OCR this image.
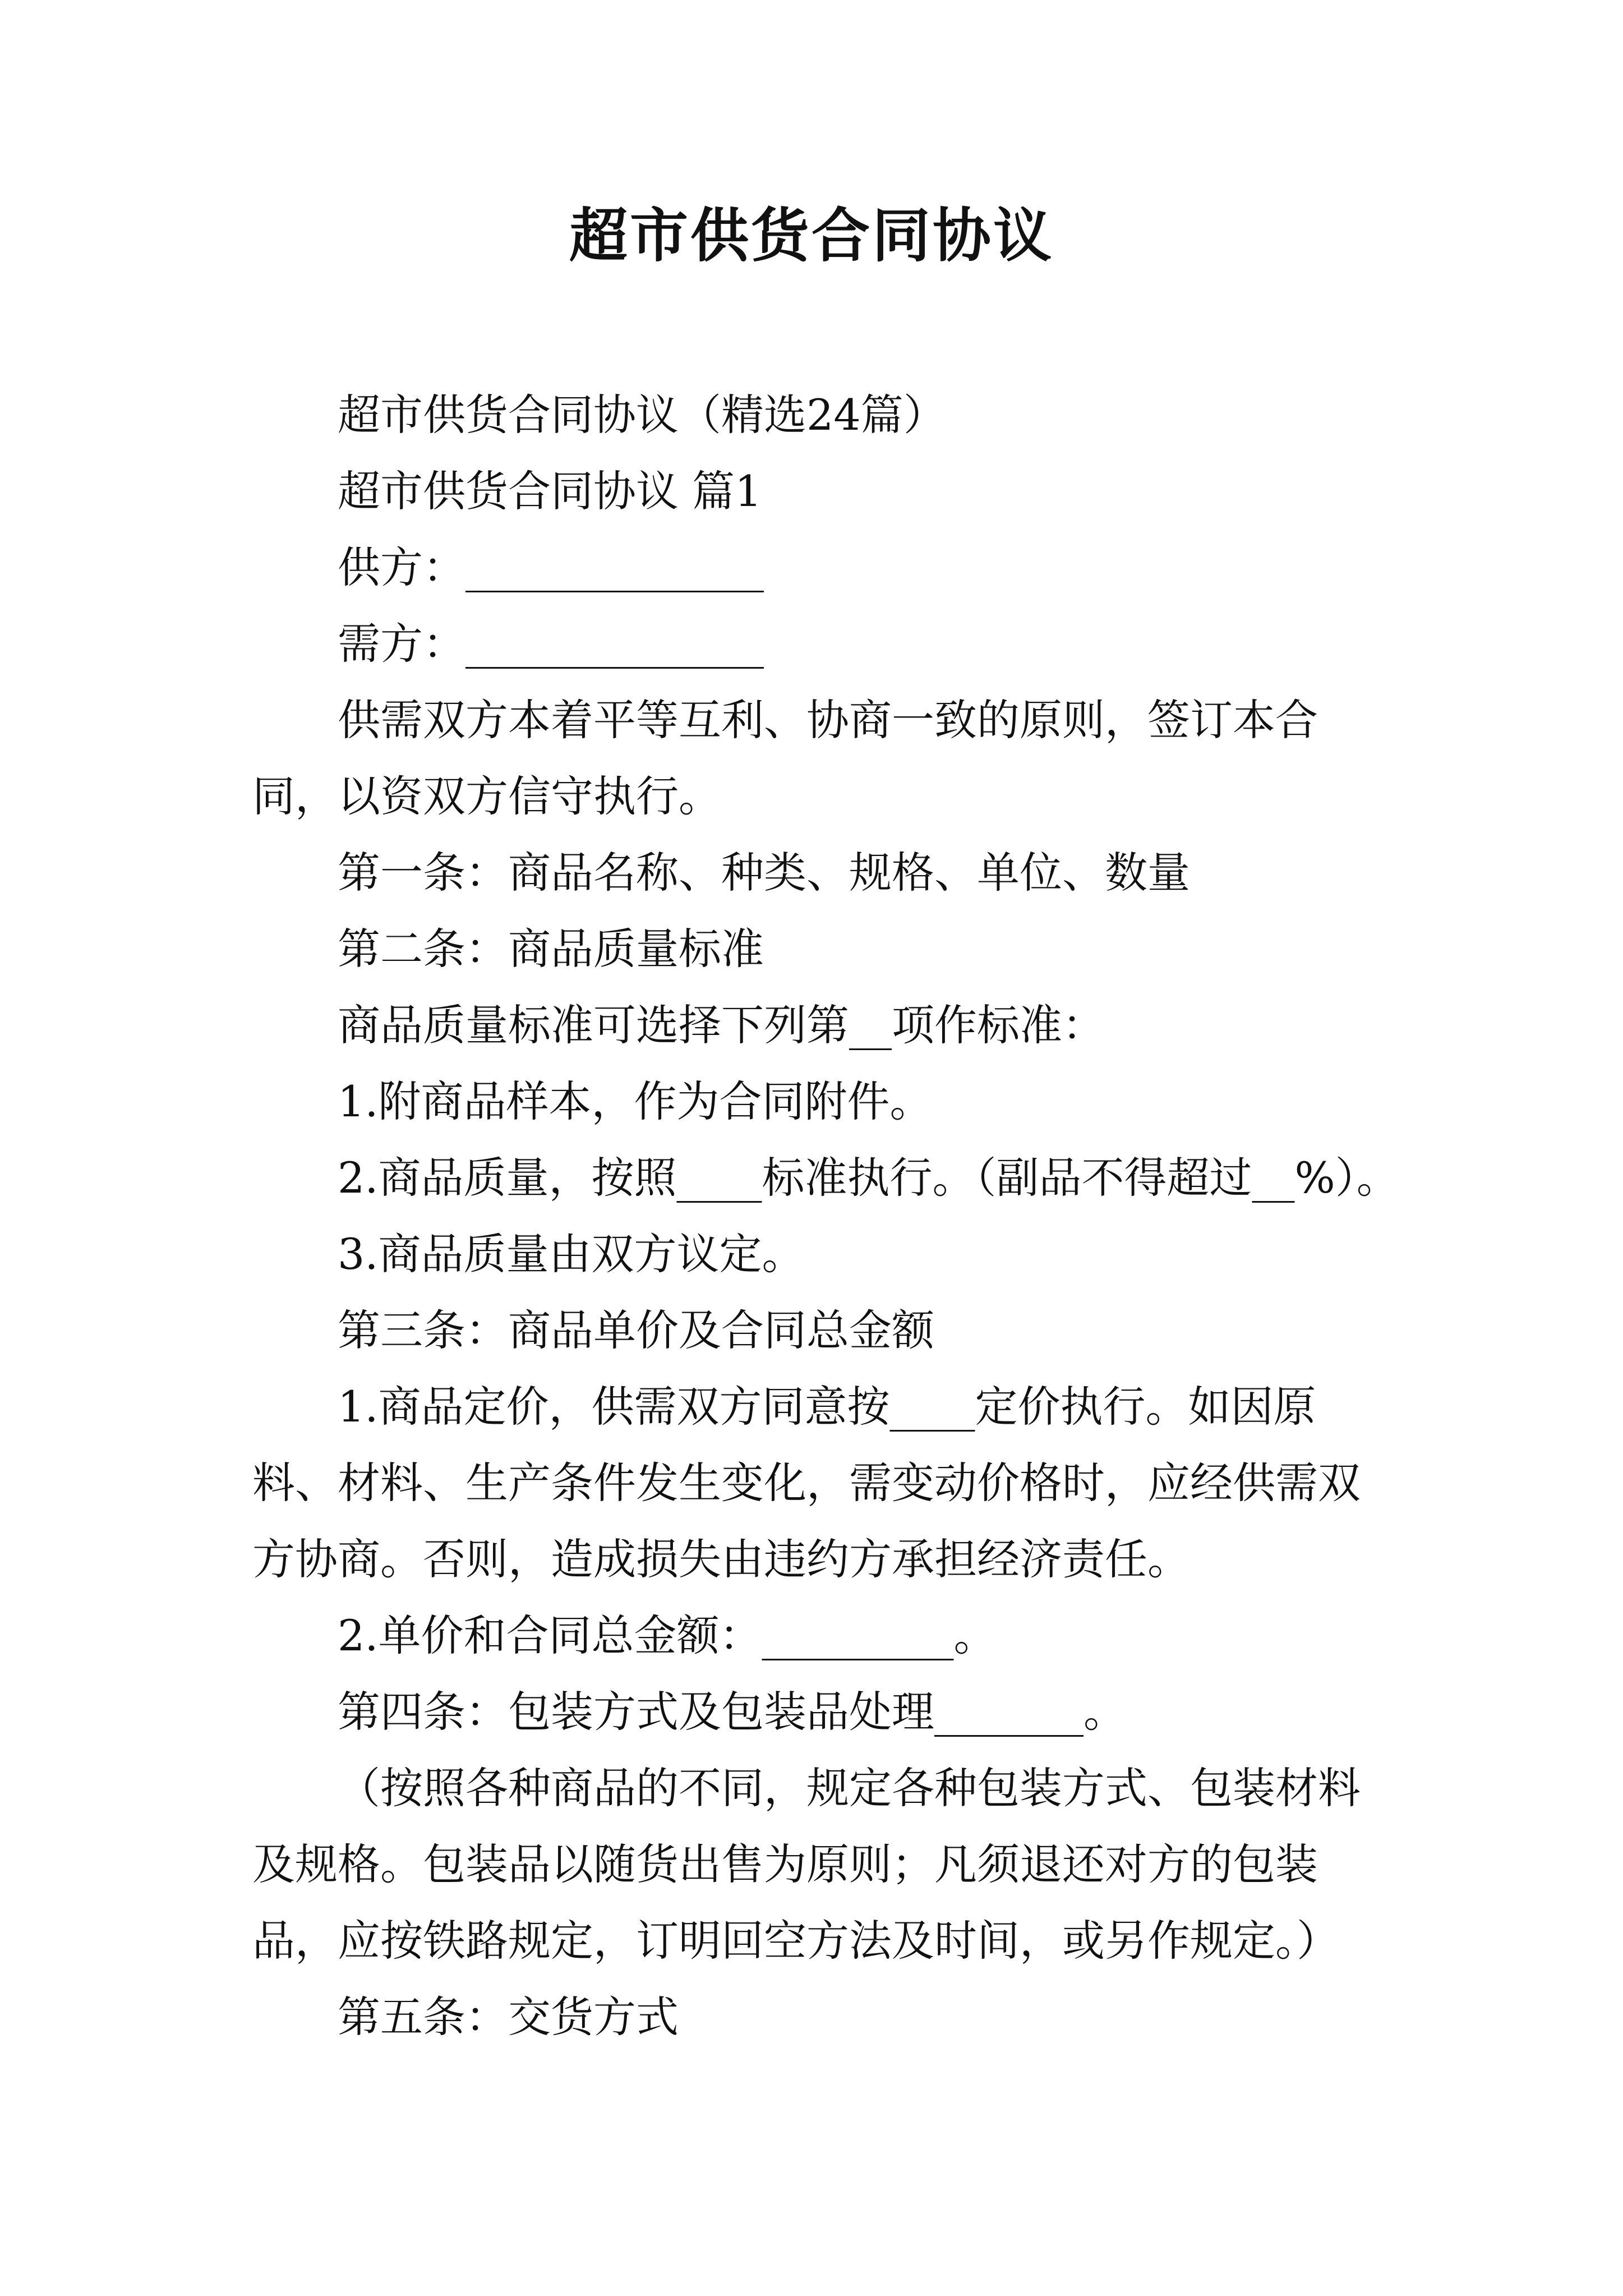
超市供货合同协议

超市供货合同协议（精选24篇）

超市供货合同协议 篇1

供方：______________

需方：______________

供需双方本着平等互利、协商一致的原则，签订本合同，以资双方信守执行。

第一条：商品名称、种类、规格、单位、数量

第二条：商品质量标准

商品质量标准可选择下列第__项作标准：

1.附商品样本，作为合同附件。

2.商品质量，按照____标准执行。（副品不得超过__%）。

3.商品质量由双方议定。

第三条：商品单价及合同总金额

1.商品定价，供需双方同意按____定价执行。如因原料、材料、生产条件发生变化，需变动价格时，应经供需双方协商。否则，造成损失由违约方承担经济责任。

2.单价和合同总金额：_________。

第四条：包装方式及包装品处理_______。

（按照各种商品的不同，规定各种包装方式、包装材料及规格。包装品以随货出售为原则；凡须退还对方的包装品，应按铁路规定，订明回空方法及时间，或另作规定。）

第五条：交货方式
